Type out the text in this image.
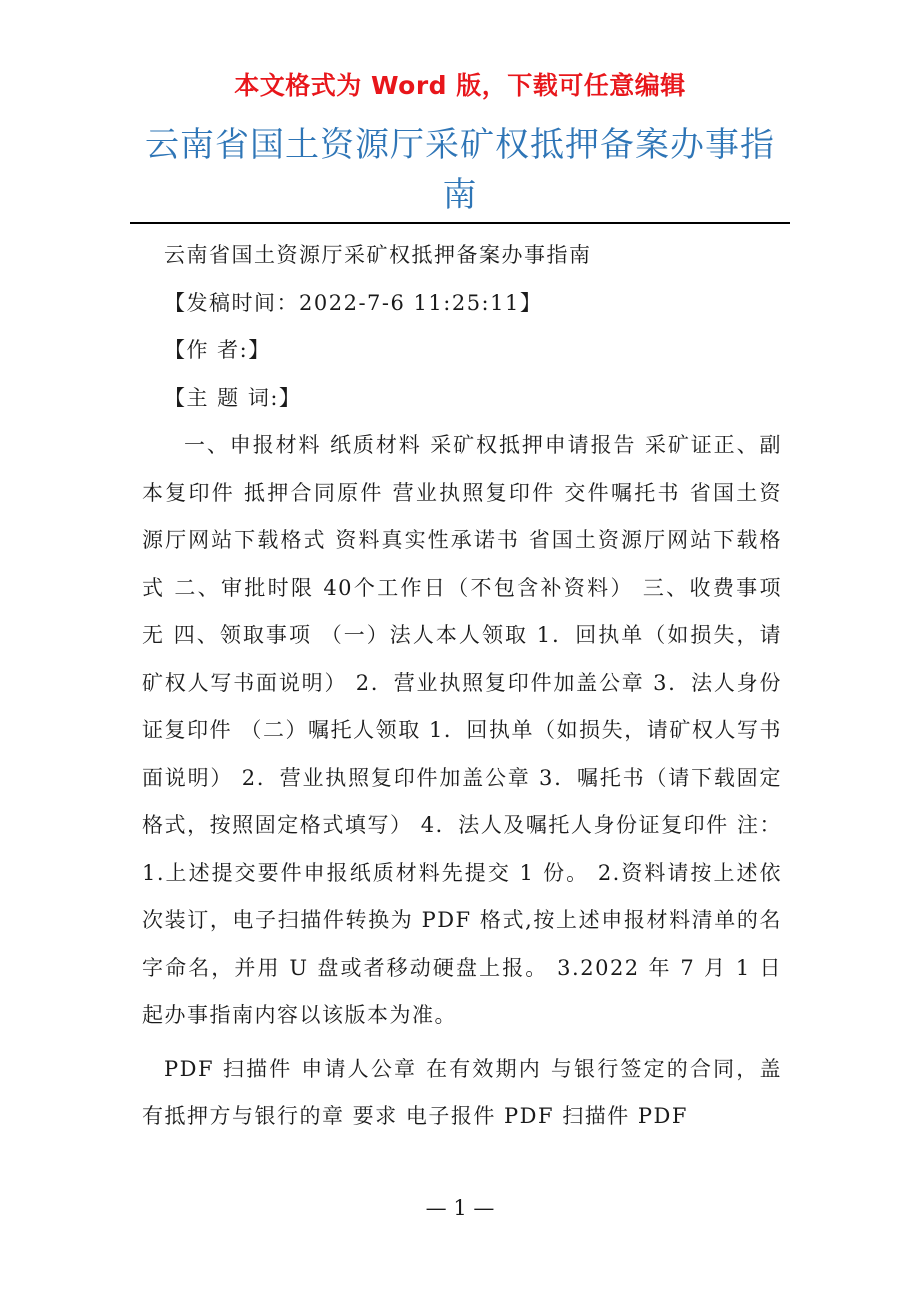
本文格式为 Word 版，下载可任意编辑
云南省国土资源厅采矿权抵押备案办事指南

云南省国土资源厅采矿权抵押备案办事指南

【发稿时间：2022-7-6 11:25:11】

【作 者:】

【主 题 词:】

一、申报材料 纸质材料 采矿权抵押申请报告 采矿证正、副本复印件 抵押合同原件 营业执照复印件 交件嘱托书 省国土资源厅网站下载格式 资料真实性承诺书 省国土资源厅网站下载格式 二、审批时限 40个工作日（不包含补资料） 三、收费事项 无 四、领取事项 （一）法人本人领取 1．回执单（如损失，请矿权人写书面说明） 2．营业执照复印件加盖公章 3．法人身份证复印件 （二）嘱托人领取 1．回执单（如损失，请矿权人写书面说明） 2．营业执照复印件加盖公章 3．嘱托书（请下载固定格式，按照固定格式填写） 4．法人及嘱托人身份证复印件 注：1.上述提交要件申报纸质材料先提交 1 份。 2.资料请按上述依次装订，电子扫描件转换为 PDF 格式,按上述申报材料清单的名字命名，并用 U 盘或者移动硬盘上报。 3.2022 年 7 月 1 日起办事指南内容以该版本为准。

PDF 扫描件 申请人公章 在有效期内 与银行签定的合同，盖有抵押方与银行的章 要求 电子报件 PDF 扫描件 PDF

— 1 —
